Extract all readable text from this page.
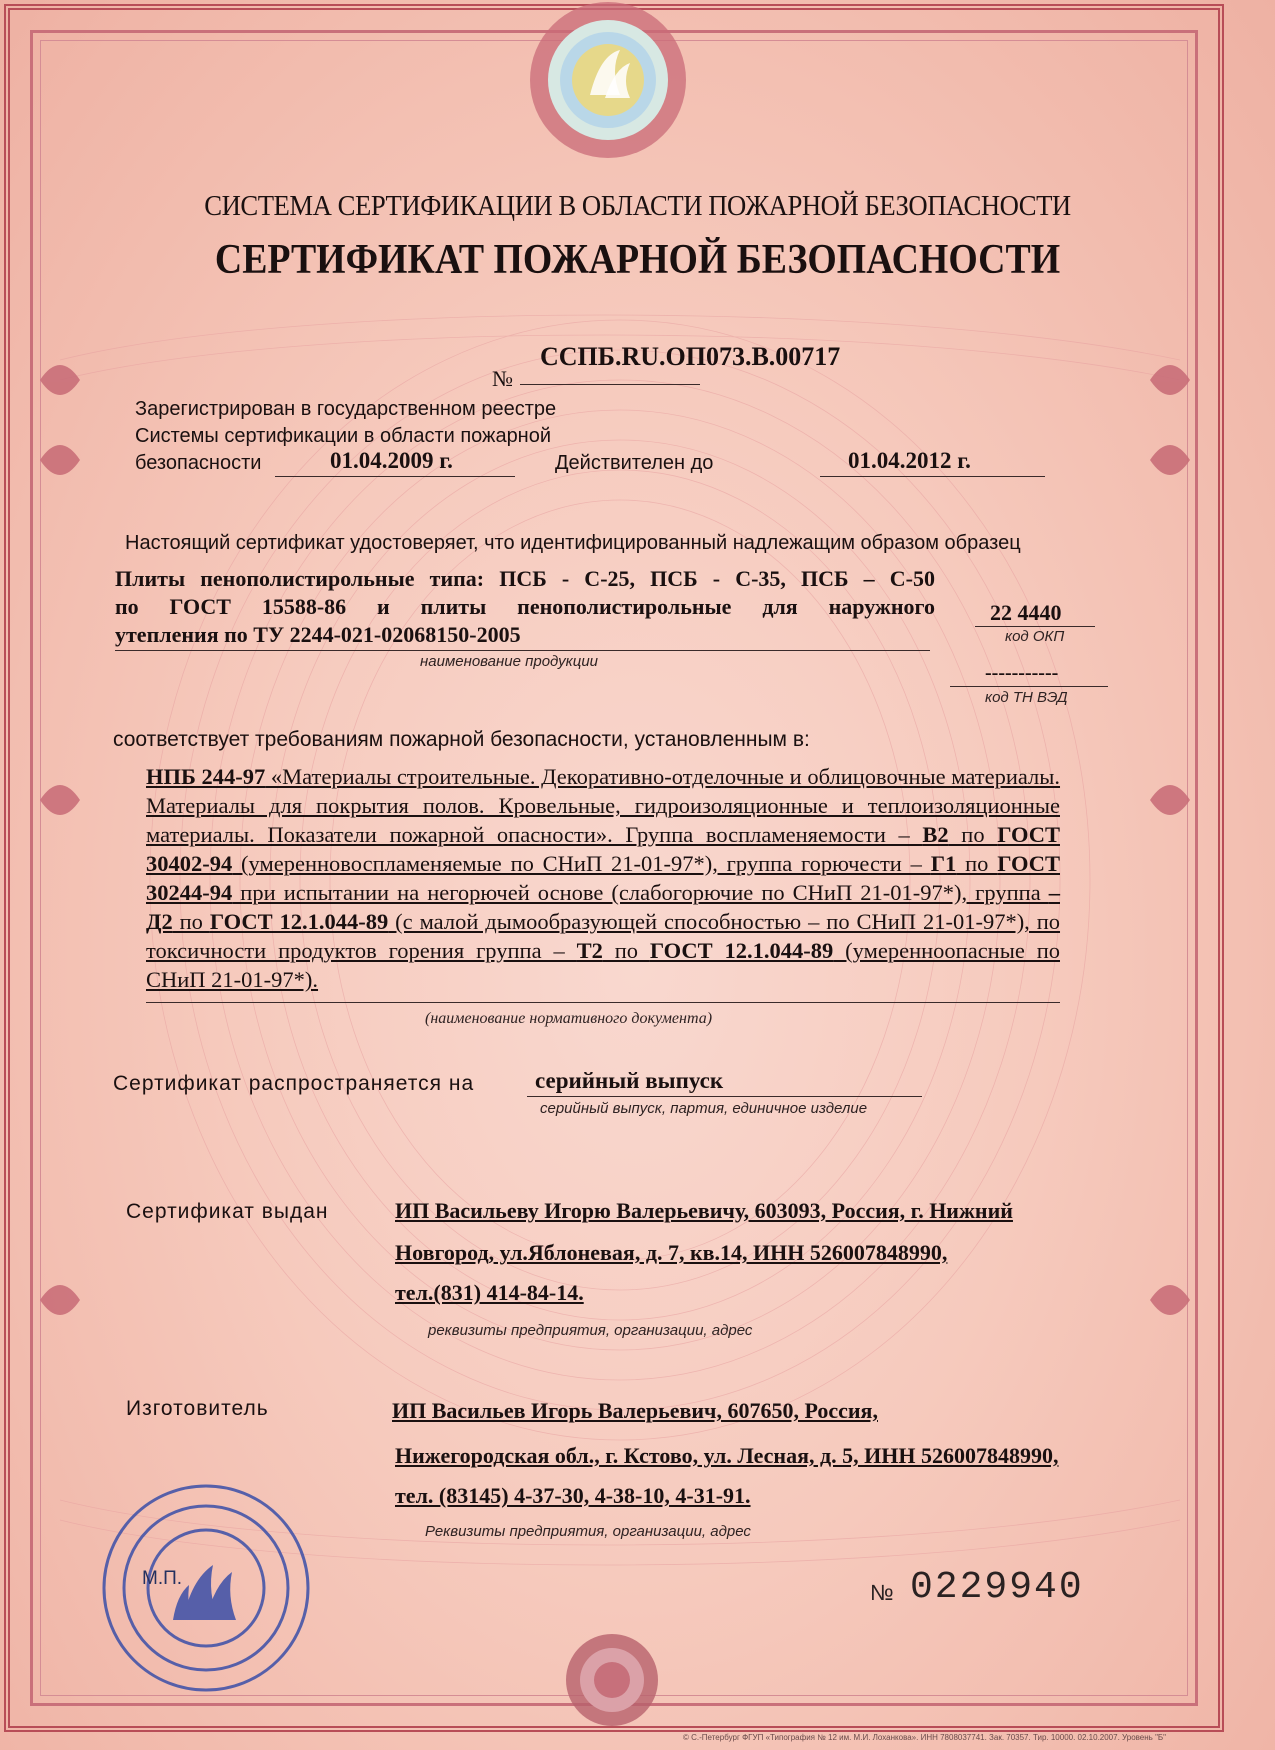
СИСТЕМА СЕРТИФИКАЦИИ В ОБЛАСТИ ПОЖАРНОЙ БЕЗОПАСНОСТИ
СЕРТИФИКАТ ПОЖАРНОЙ БЕЗОПАСНОСТИ
№
ССПБ.RU.ОП073.В.00717
Зарегистрирован в государственном реестре
Системы сертификации в области пожарной
безопасности	01.04.2009 г.	Действителен до	01.04.2012 г.
Настоящий сертификат удостоверяет, что идентифицированный надлежащим образом образец
Плиты пенополистирольные типа: ПСБ - С-25, ПСБ - С-35, ПСБ – С-50
по ГОСТ 15588-86 и плиты пенополистирольные для наружного
утепления по ТУ 2244-021-02068150-2005
наименование продукции
22 4440
код ОКП
-----------
код ТН ВЭД
соответствует требованиям пожарной безопасности, установленным в:
НПБ 244-97 «Материалы строительные. Декоративно-отделочные и облицовочные материалы. Материалы для покрытия полов. Кровельные, гидроизоляционные и теплоизоляционные материалы. Показатели пожарной опасности». Группа воспламеняемости – В2 по ГОСТ 30402-94 (умеренновоспламеняемые по СНиП 21-01-97*), группа горючести – Г1 по ГОСТ 30244-94 при испытании на негорючей основе (слабогорючие по СНиП 21-01-97*), группа – Д2 по ГОСТ 12.1.044-89 (с малой дымообразующей способностью – по СНиП 21-01-97*), по токсичности продуктов горения группа – Т2 по ГОСТ 12.1.044-89 (умеренноопасные по СНиП 21-01-97*).
(наименование нормативного документа)
Сертификат распространяется на	серийный выпуск
серийный выпуск, партия, единичное изделие
Сертификат выдан	ИП Васильеву Игорю Валерьевичу, 603093, Россия, г. Нижний
Новгород, ул.Яблоневая, д. 7, кв.14, ИНН 526007848990,
тел.(831) 414-84-14.
реквизиты предприятия, организации, адрес
Изготовитель	ИП Васильев Игорь Валерьевич, 607650, Россия,
Нижегородская обл., г. Кстово, ул. Лесная, д. 5, ИНН 526007848990,
тел. (83145) 4-37-30, 4-38-10, 4-31-91.
Реквизиты предприятия, организации, адрес
М.П.
№ 0229940
© С.-Петербург ФГУП «Типография № 12 им. М.И. Лоханкова». ИНН 7808037741. Зак. 70357. Тир. 10000. 02.10.2007. Уровень "Б"
